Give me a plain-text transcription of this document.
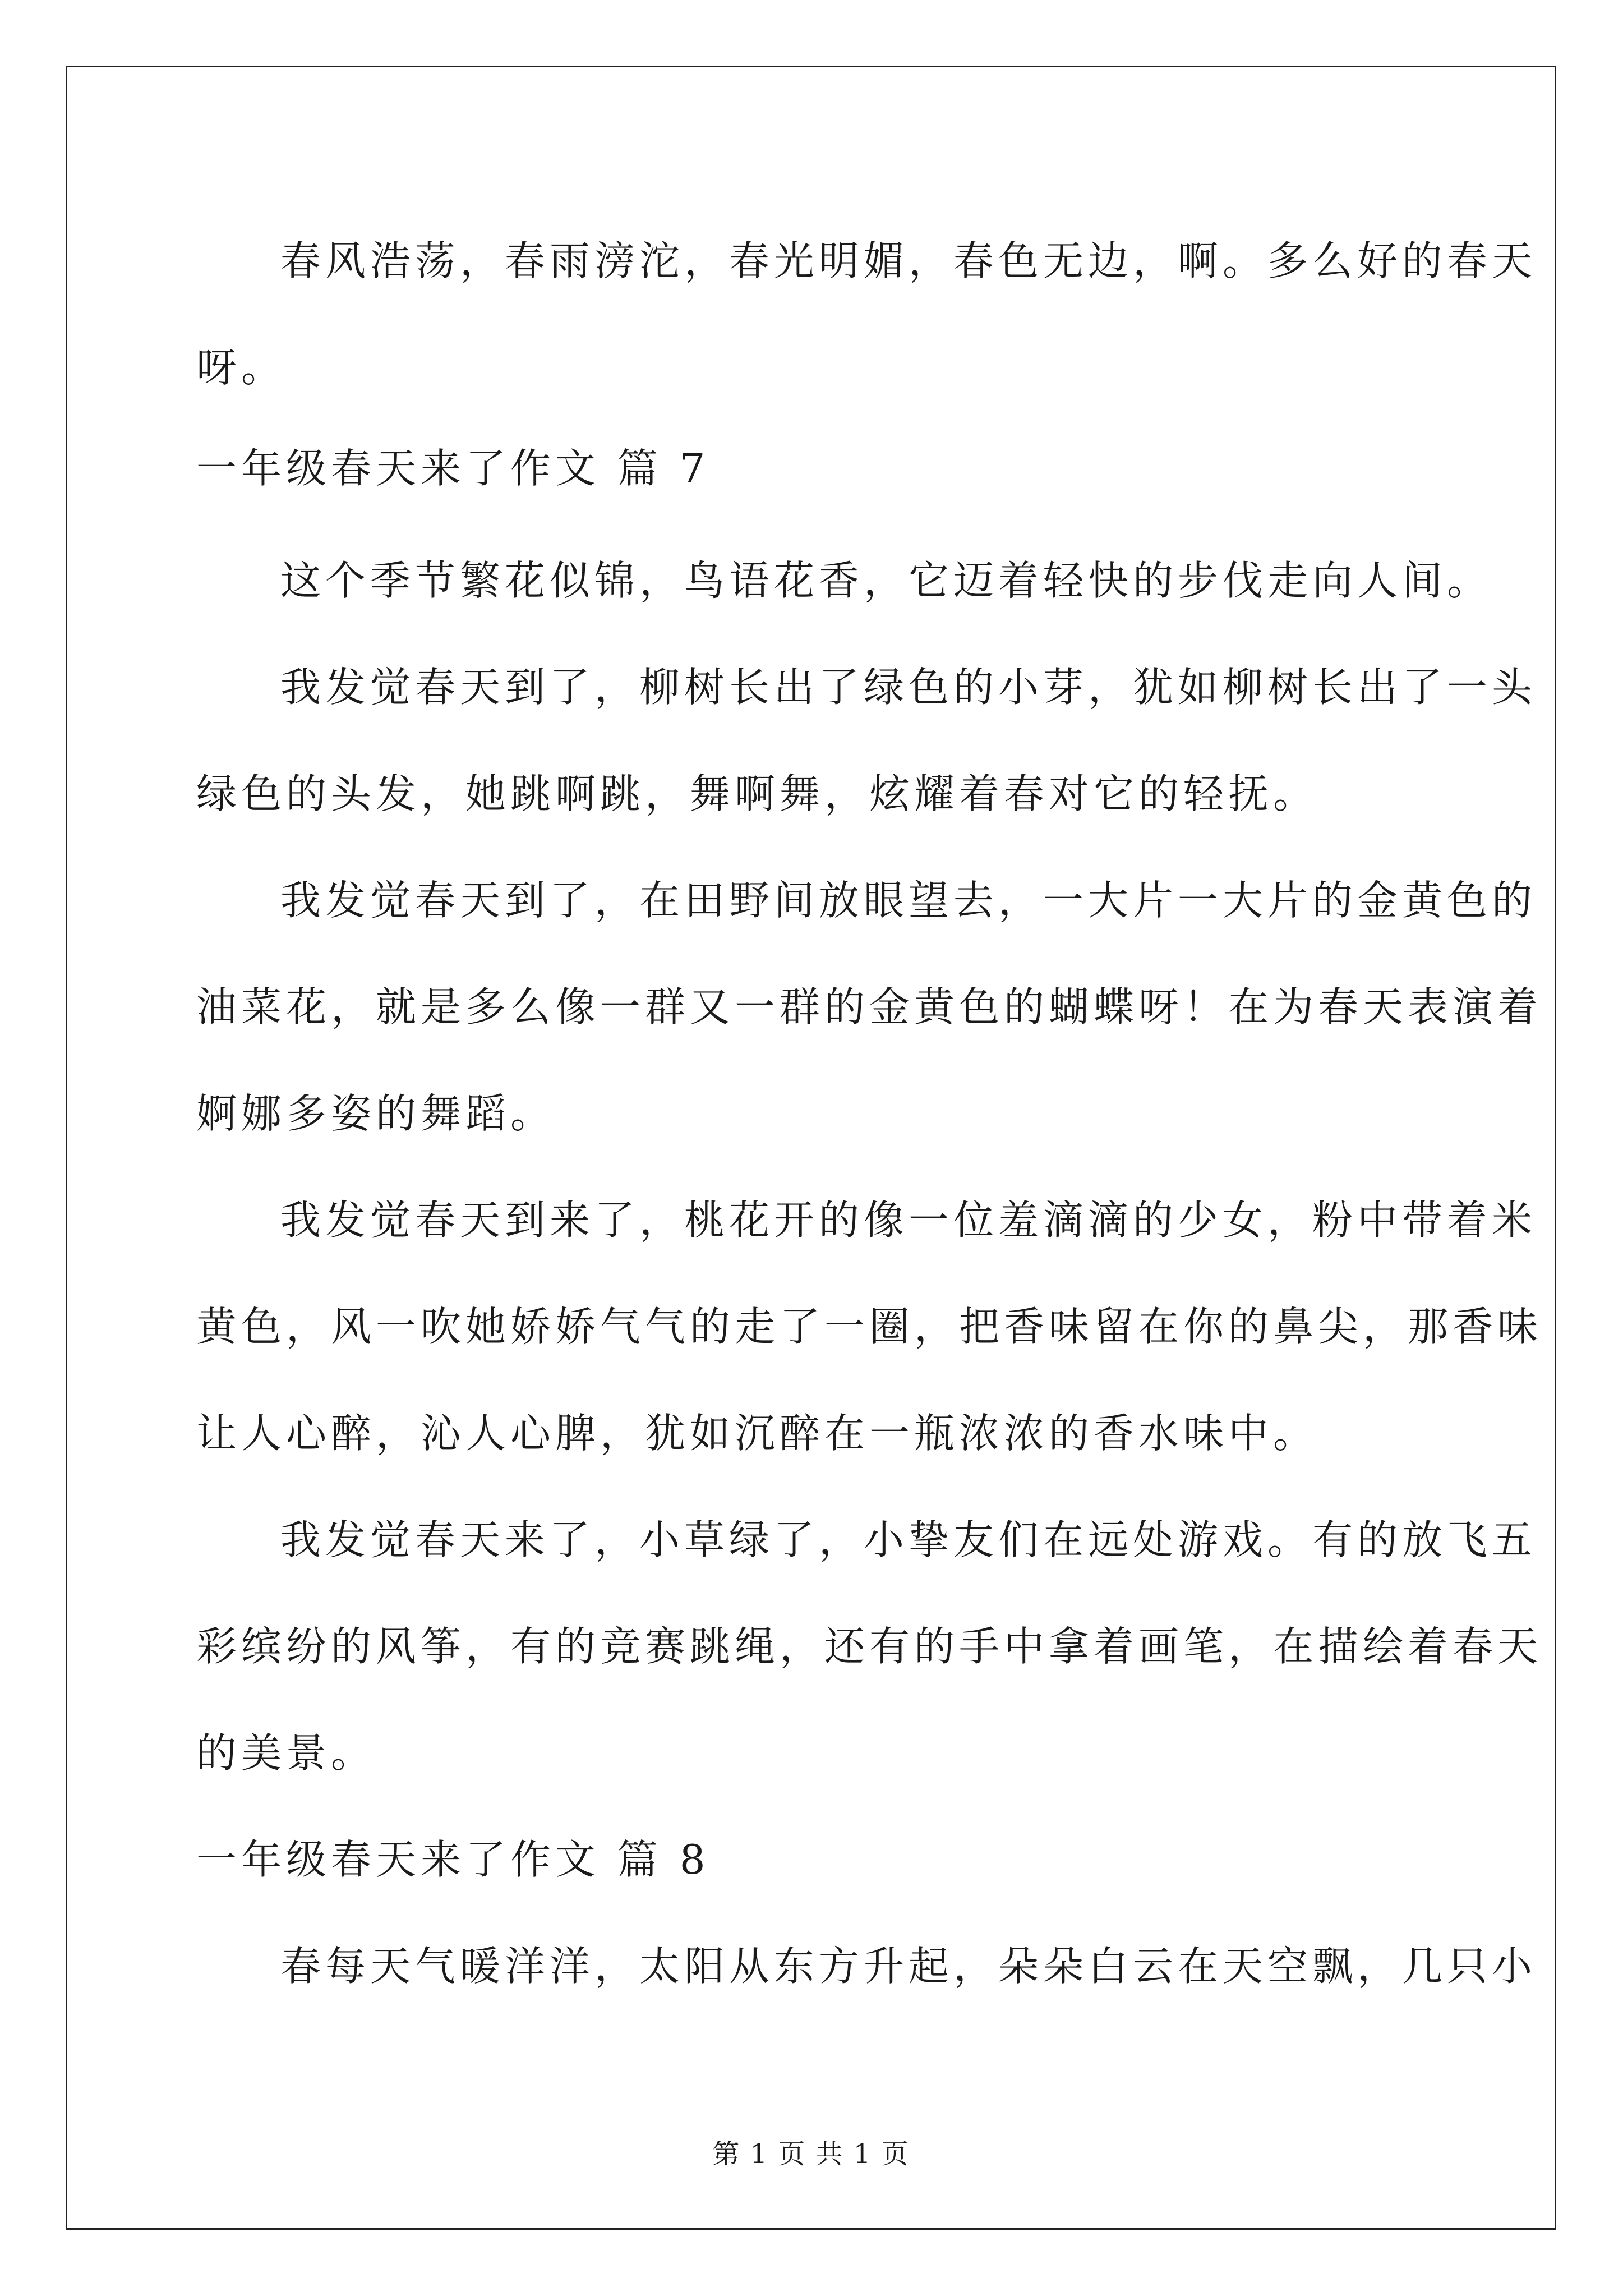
春风浩荡，春雨滂沱，春光明媚，春色无边，啊。多么好的春天
呀。
一年级春天来了作文 篇 7
这个季节繁花似锦，鸟语花香，它迈着轻快的步伐走向人间。
我发觉春天到了，柳树长出了绿色的小芽，犹如柳树长出了一头
绿色的头发，她跳啊跳，舞啊舞，炫耀着春对它的轻抚。
我发觉春天到了，在田野间放眼望去，一大片一大片的金黄色的
油菜花，就是多么像一群又一群的金黄色的蝴蝶呀！在为春天表演着
婀娜多姿的舞蹈。
我发觉春天到来了，桃花开的像一位羞滴滴的少女，粉中带着米
黄色，风一吹她娇娇气气的走了一圈，把香味留在你的鼻尖，那香味
让人心醉，沁人心脾，犹如沉醉在一瓶浓浓的香水味中。
我发觉春天来了，小草绿了，小挚友们在远处游戏。有的放飞五
彩缤纷的风筝，有的竞赛跳绳，还有的手中拿着画笔，在描绘着春天
的美景。
一年级春天来了作文 篇 8
春每天气暖洋洋，太阳从东方升起，朵朵白云在天空飘，几只小
第 1 页 共 1 页
